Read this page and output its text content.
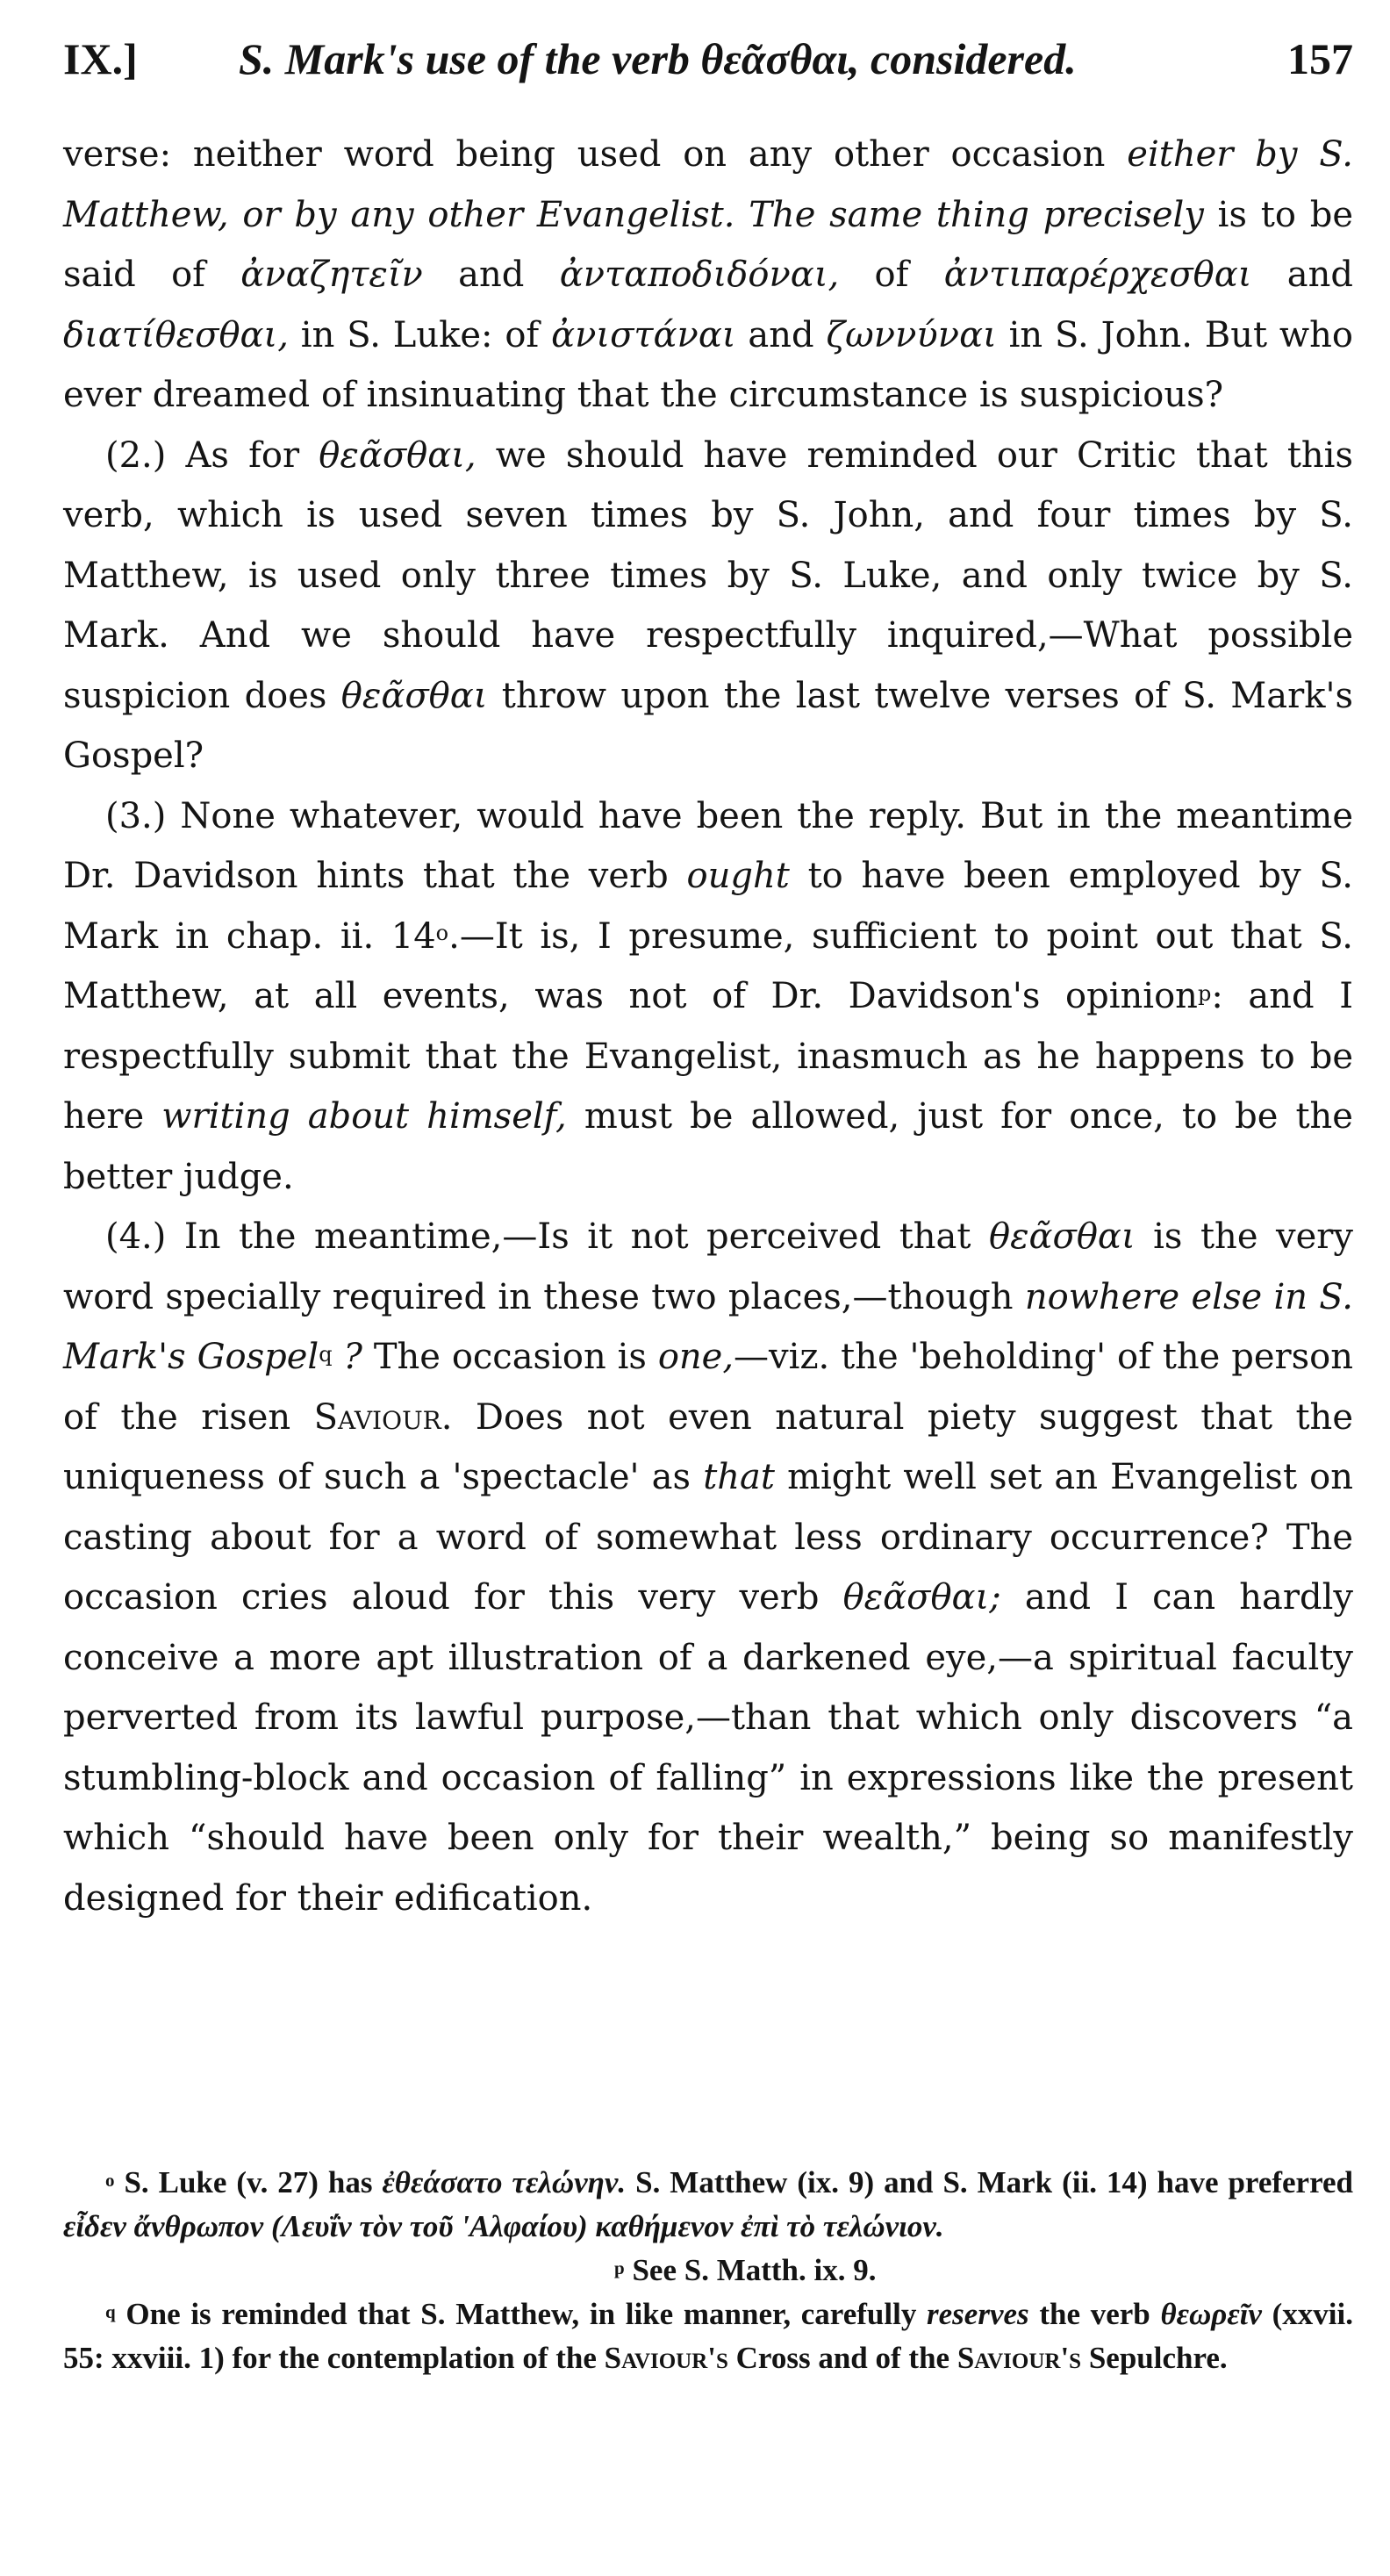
IX.] S. Mark's use of the verb θεᾶσθαι, considered.	157

verse: neither word being used on any other occasion either by S. Matthew, or by any other Evangelist. The same thing precisely is to be said of ἀναζητεῖν and ἀνταποδιδόναι, of ἀντιπαρέρχεσθαι and διατίθεσθαι, in S. Luke: of ἀνιστάναι and ζωννύναι in S. John. But who ever dreamed of insinuating that the circumstance is suspicious?

(2.) As for θεᾶσθαι, we should have reminded our Critic that this verb, which is used seven times by S. John, and four times by S. Matthew, is used only three times by S. Luke, and only twice by S. Mark. And we should have respectfully inquired,—What possible suspicion does θεᾶσθαι throw upon the last twelve verses of S. Mark's Gospel?

(3.) None whatever, would have been the reply. But in the meantime Dr. Davidson hints that the verb ought to have been employed by S. Mark in chap. ii. 14$^o$.—It is, I presume, sufficient to point out that S. Matthew, at all events, was not of Dr. Davidson's opinion$^p$: and I respectfully submit that the Evangelist, inasmuch as he happens to be here writing about himself, must be allowed, just for once, to be the better judge.

(4.) In the meantime,—Is it not perceived that θεᾶσθαι is the very word specially required in these two places,—though nowhere else in S. Mark's Gospel$^q$ ? The occasion is one,—viz. the 'beholding' of the person of the risen Saviour. Does not even natural piety suggest that the uniqueness of such a 'spectacle' as that might well set an Evangelist on casting about for a word of somewhat less ordinary occurrence? The occasion cries aloud for this very verb θεᾶσθαι; and I can hardly conceive a more apt illustration of a darkened eye,—a spiritual faculty perverted from its lawful purpose,—than that which only discovers “a stumbling-block and occasion of falling” in expressions like the present which “should have been only for their wealth,” being so manifestly designed for their edification.

$^o$ S. Luke (v. 27) has ἐθεάσατο τελώνην. S. Matthew (ix. 9) and S. Mark (ii. 14) have preferred εἶδεν ἄνθρωπον (Λευΐν τὸν τοῦ 'Αλφαίου) καθήμενον ἐπὶ τὸ τελώνιον.
$^p$ See S. Matth. ix. 9.

$^q$ One is reminded that S. Matthew, in like manner, carefully reserves the verb θεωρεῖν (xxvii. 55: xxviii. 1) for the contemplation of the Saviour's Cross and of the Saviour's Sepulchre.
